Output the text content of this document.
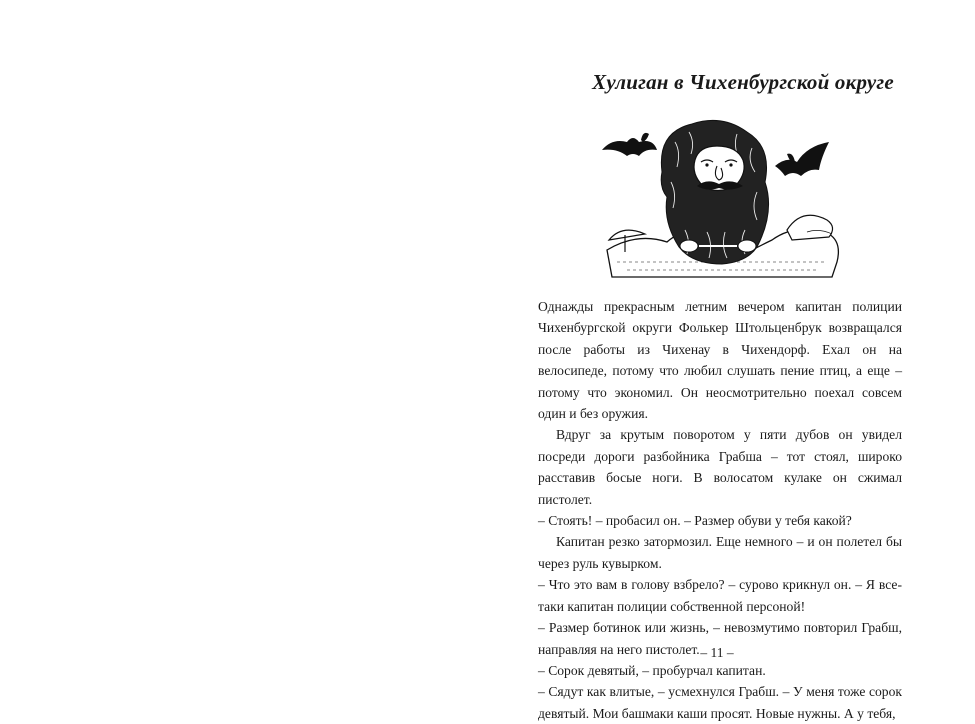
Хулиган в Чихенбургской округе

Однажды прекрасным летним вечером капитан полиции Чихенбургской округи Фолькер Штольценбрук возвращался после работы из Чихенау в Чихендорф. Ехал он на велосипеде, потому что любил слушать пение птиц, а еще – потому что экономил. Он неосмотрительно поехал совсем один и без оружия.

Вдруг за крутым поворотом у пяти дубов он увидел посреди дороги разбойника Грабша – тот стоял, широко расставив босые ноги. В волосатом кулаке он сжимал пистолет.

– Стоять! – пробасил он. – Размер обуви у тебя какой?

Капитан резко затормозил. Еще немного – и он полетел бы через руль кувырком.

– Что это вам в голову взбрело? – сурово крикнул он. – Я все-таки капитан полиции собственной персоной!

– Размер ботинок или жизнь, – невозмутимо повторил Грабш, направляя на него пистолет.

– Сорок девятый, – пробурчал капитан.

– Сядут как влитые, – усмехнулся Грабш. – У меня тоже сорок девятый. Мои башмаки каши просят. Новые нужны. А у тебя,

– 11 –
